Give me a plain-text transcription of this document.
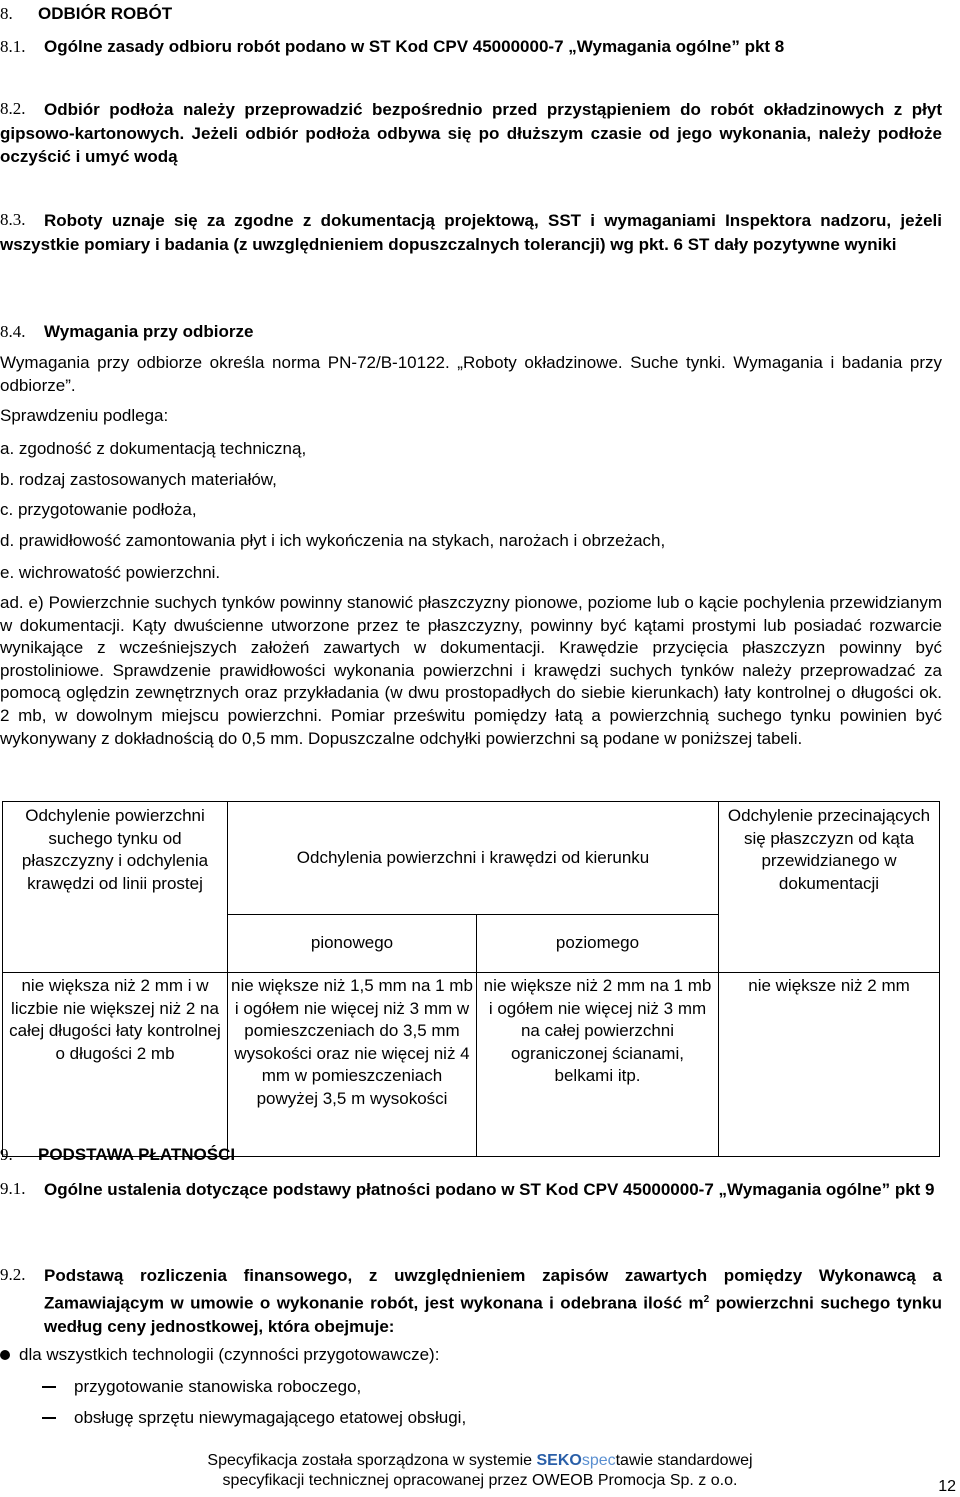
8. ODBIÓR ROBÓT
8.1. Ogólne zasady odbioru robót podano w ST Kod CPV 45000000-7 „Wymagania ogólne” pkt 8
8.2.	Odbiór podłoża należy przeprowadzić bezpośrednio przed przystąpieniem do robót okładzinowych z płyt gipsowo-kartonowych. Jeżeli odbiór podłoża odbywa się po dłuższym czasie od jego wykonania, należy podłoże oczyścić i umyć wodą
8.3.	Roboty uznaje się za zgodne z dokumentacją projektową, SST i wymaganiami Inspektora nadzoru, jeżeli wszystkie pomiary i badania (z uwzględnieniem dopuszczalnych tolerancji) wg pkt. 6 ST dały pozytywne wyniki
8.4. Wymagania przy odbiorze
Wymagania przy odbiorze określa norma PN-72/B-10122. „Roboty okładzinowe. Suche tynki. Wymagania i badania przy odbiorze”.
Sprawdzeniu podlega:
a. zgodność z dokumentacją techniczną,
b. rodzaj zastosowanych materiałów,
c. przygotowanie podłoża,
d. prawidłowość zamontowania płyt i ich wykończenia na stykach, narożach i obrzeżach,
e. wichrowatość powierzchni.
ad. e) Powierzchnie suchych tynków powinny stanowić płaszczyzny pionowe, poziome lub o kącie pochylenia przewidzianym w dokumentacji. Kąty dwuścienne utworzone przez te płaszczyzny, powinny być kątami prostymi lub posiadać rozwarcie wynikające z wcześniejszych założeń zawartych w dokumentacji. Krawędzie przycięcia płaszczyzn powinny być prostoliniowe. Sprawdzenie prawidłowości wykonania powierzchni i krawędzi suchych tynków należy przeprowadzać za pomocą oględzin zewnętrznych oraz przykładania (w dwu prostopadłych do siebie kierunkach) łaty kontrolnej o długości ok. 2 mb, w dowolnym miejscu powierzchni. Pomiar prześwitu pomiędzy łatą a powierzchnią suchego tynku powinien być wykonywany z dokładnością do 0,5 mm. Dopuszczalne odchyłki powierzchni są podane w poniższej tabeli.
Odchylenie powierzchni suchego tynku od płaszczyzny i odchylenia krawędzi od linii prostej	Odchylenia powierzchni i krawędzi od kierunku		Odchylenie przecinających się płaszczyzn od kąta przewidzianego w dokumentacji
	pionowego	poziomego	
nie większa niż 2 mm i w liczbie nie większej niż 2 na całej długości łaty kontrolnej o długości 2 mb	nie większe niż 1,5 mm na 1 mb i ogółem nie więcej niż 3 mm w pomieszczeniach do 3,5 mm wysokości oraz nie więcej niż 4 mm w pomieszczeniach powyżej 3,5 m wysokości	nie większe niż 2 mm na 1 mb i ogółem nie więcej niż 3 mm na całej powierzchni ograniczonej ścianami, belkami itp.	nie większe niż 2 mm
9. PODSTAWA PŁATNOŚCI
9.1. Ogólne ustalenia dotyczące podstawy płatności podano w ST Kod CPV 45000000-7 „Wymagania ogólne” pkt 9
9.2. Podstawą rozliczenia finansowego, z uwzględnieniem zapisów zawartych pomiędzy Wykonawcą a Zamawiającym w umowie o wykonanie robót, jest wykonana i odebrana ilość $m^2$ powierzchni suchego tynku według ceny jednostkowej, która obejmuje:
dla wszystkich technologii (czynności przygotowawcze):
przygotowanie stanowiska roboczego,
obsługę sprzętu niewymagającego etatowej obsługi,
Specyfikacja została sporządzona w systemie SEKOspectawie standardowej
specyfikacji technicznej opracowanej przez OWEOB Promocja Sp. z o.o.	12
